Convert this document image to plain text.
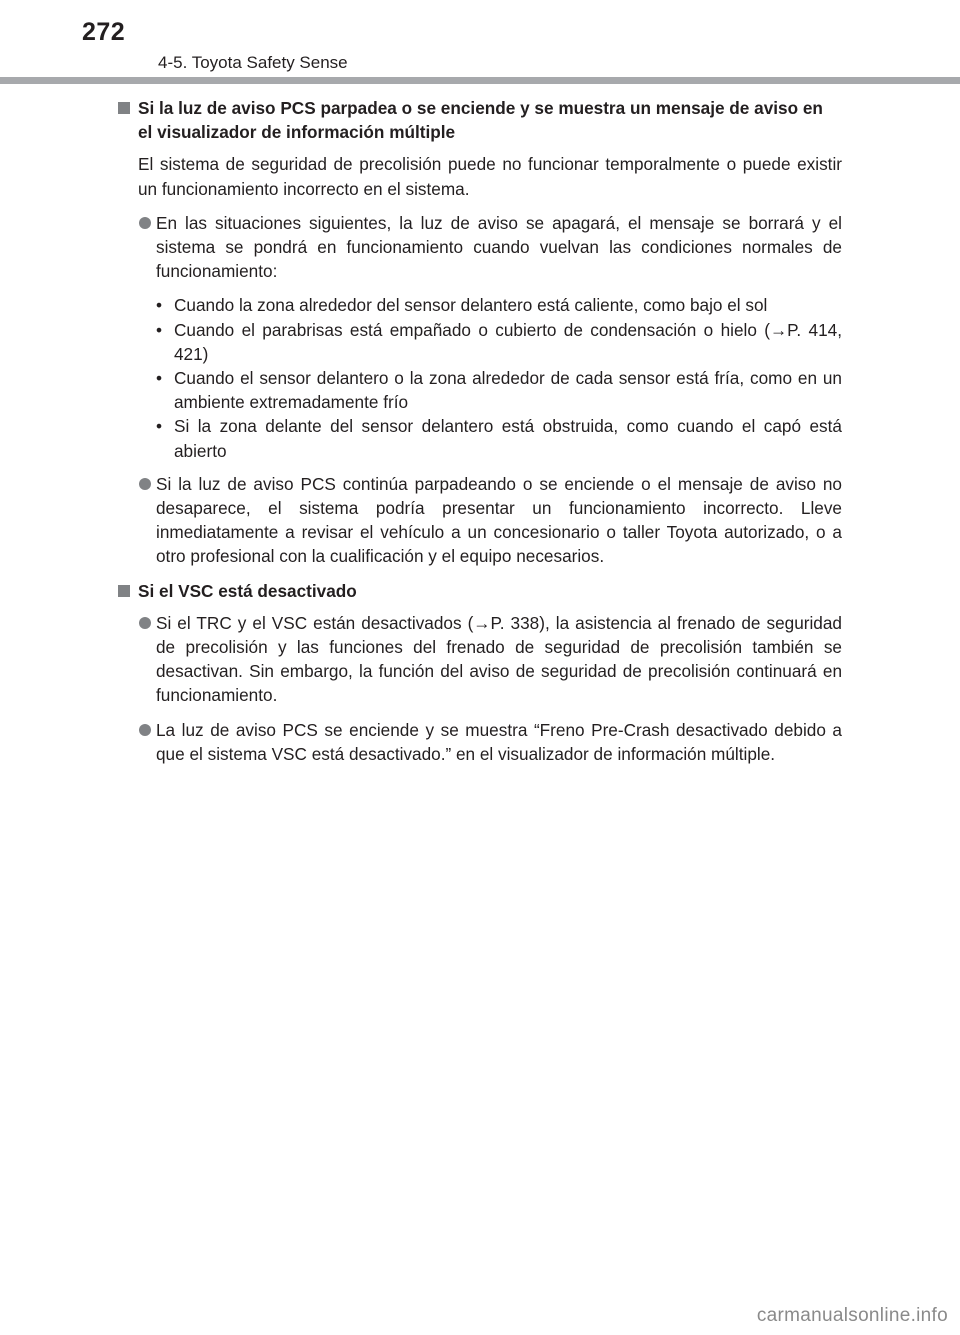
272
4-5. Toyota Safety Sense
Si la luz de aviso PCS parpadea o se enciende y se muestra un mensaje de aviso en el visualizador de información múltiple
El sistema de seguridad de precolisión puede no funcionar temporalmente o puede existir un funcionamiento incorrecto en el sistema.
En las situaciones siguientes, la luz de aviso se apagará, el mensaje se borrará y el sistema se pondrá en funcionamiento cuando vuelvan las condiciones normales de funcionamiento:
• Cuando la zona alrededor del sensor delantero está caliente, como bajo el sol
• Cuando el parabrisas está empañado o cubierto de condensación o hielo (→P. 414, 421)
• Cuando el sensor delantero o la zona alrededor de cada sensor está fría, como en un ambiente extremadamente frío
• Si la zona delante del sensor delantero está obstruida, como cuando el capó está abierto
Si la luz de aviso PCS continúa parpadeando o se enciende o el mensaje de aviso no desaparece, el sistema podría presentar un funcionamiento incorrecto. Lleve inmediatamente a revisar el vehículo a un concesionario o taller Toyota autorizado, o a otro profesional con la cualificación y el equipo necesarios.
Si el VSC está desactivado
Si el TRC y el VSC están desactivados (→P. 338), la asistencia al frenado de seguridad de precolisión y las funciones del frenado de seguridad de precolisión también se desactivan. Sin embargo, la función del aviso de seguridad de precolisión continuará en funcionamiento.
La luz de aviso PCS se enciende y se muestra “Freno Pre-Crash desactivado debido a que el sistema VSC está desactivado.” en el visualizador de información múltiple.
carmanualsonline.info
